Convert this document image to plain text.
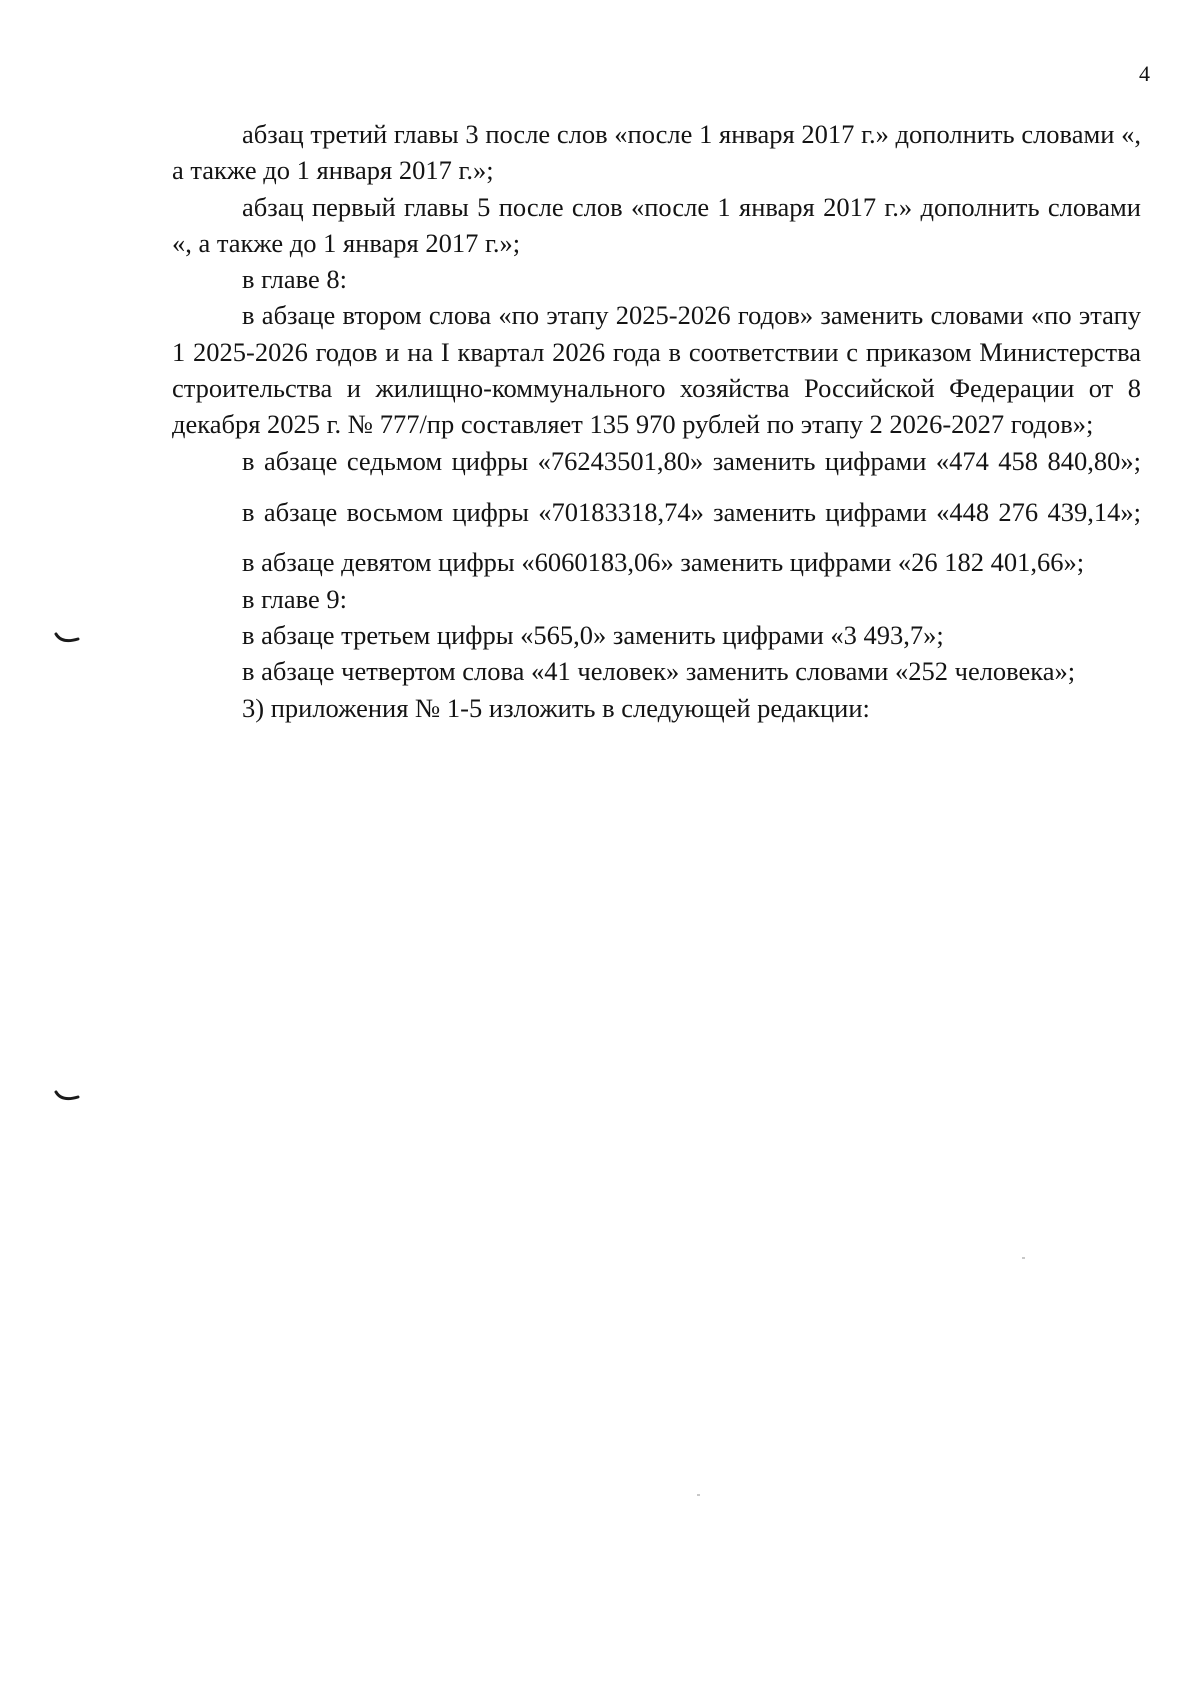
4

абзац третий главы 3 после слов «после 1 января 2017 г.» дополнить словами «, а также до 1 января 2017 г.»;

абзац первый главы 5 после слов «после 1 января 2017 г.» дополнить словами «, а также до 1 января 2017 г.»;

в главе 8:

в абзаце втором слова «по этапу 2025-2026 годов» заменить словами «по этапу 1 2025-2026 годов и на I квартал 2026 года в соответствии с приказом Министерства строительства и жилищно-коммунального хозяйства Российской Федерации от 8 декабря 2025 г. № 777/пр составляет 135 970 рублей по этапу 2 2026-2027 годов»;

в абзаце седьмом цифры «76243501,80» заменить цифрами «474 458 840,80»;

в абзаце восьмом цифры «70183318,74» заменить цифрами «448 276 439,14»;

в абзаце девятом цифры «6060183,06» заменить цифрами «26 182 401,66»;

в главе 9:

в абзаце третьем цифры «565,0» заменить цифрами «3 493,7»;

в абзаце четвертом слова «41 человек» заменить словами «252 человека»;

3) приложения № 1-5 изложить в следующей редакции:
